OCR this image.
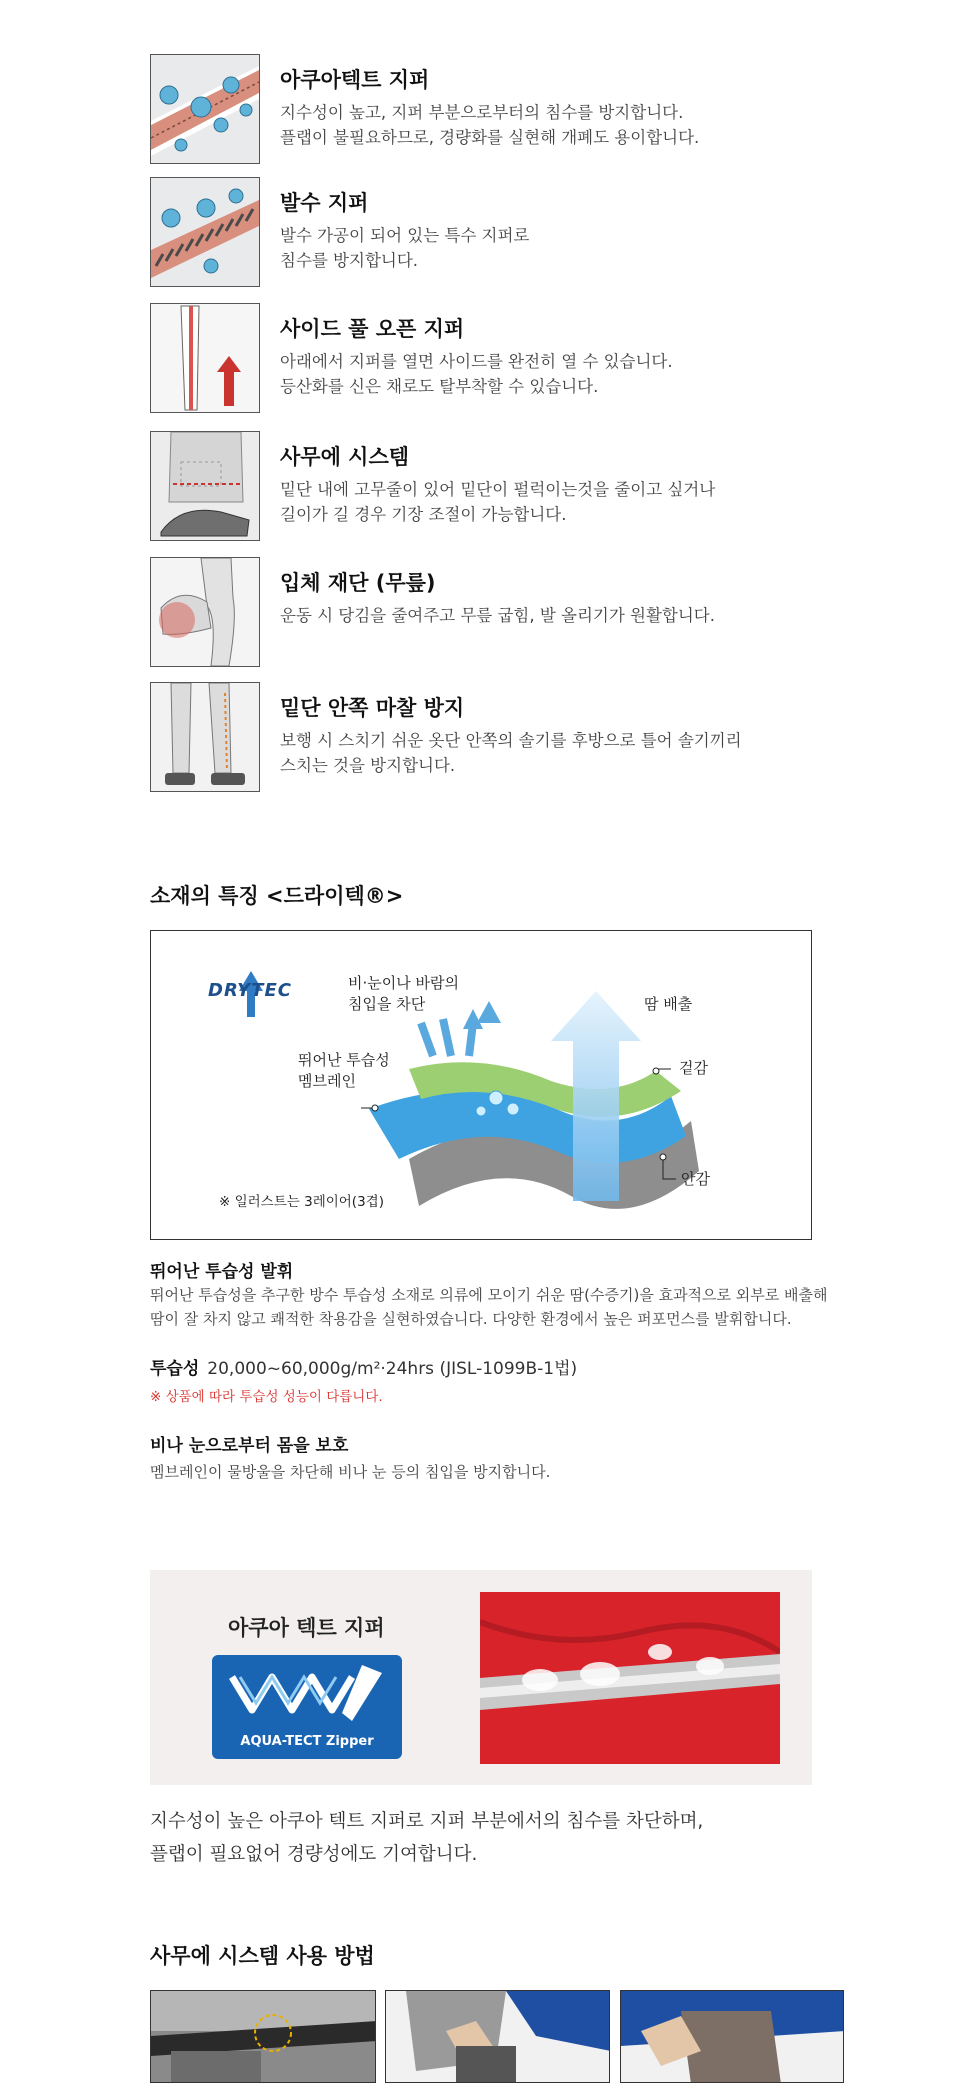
아쿠아텍트 지퍼
지수성이 높고, 지퍼 부분으로부터의 침수를 방지합니다.
플랩이 불필요하므로, 경량화를 실현해 개폐도 용이합니다.
발수 지퍼
발수 가공이 되어 있는 특수 지퍼로
침수를 방지합니다.
사이드 풀 오픈 지퍼
아래에서 지퍼를 열면 사이드를 완전히 열 수 있습니다.
등산화를 신은 채로도 탈부착할 수 있습니다.
사무에 시스템
밑단 내에 고무줄이 있어 밑단이 펄럭이는것을 줄이고 싶거나
길이가 길 경우 기장 조절이 가능합니다.
입체 재단 (무릎)
운동 시 당김을 줄여주고 무릎 굽힘, 발 올리기가 원활합니다.
밑단 안쪽 마찰 방지
보행 시 스치기 쉬운 옷단 안쪽의 솔기를 후방으로 틀어 솔기끼리
스치는 것을 방지합니다.
소재의 특징 <드라이텍®>
DRYTEC	비·눈이나 바람의
침입을 차단	땀 배출
뛰어난 투습성
멤브레인
겉감
안감
※ 일러스트는 3레이어(3겹)
뛰어난 투습성 발휘
뛰어난 투습성을 추구한 방수 투습성 소재로 의류에 모이기 쉬운 땀(수증기)을 효과적으로 외부로 배출해
땀이 잘 차지 않고 쾌적한 착용감을 실현하였습니다. 다양한 환경에서 높은 퍼포먼스를 발휘합니다.
투습성 20,000~60,000g/m²·24hrs (JISL-1099B-1법)
※ 상품에 따라 투습성 성능이 다릅니다.
비나 눈으로부터 몸을 보호
멤브레인이 물방울을 차단해 비나 눈 등의 침입을 방지합니다.
아쿠아 텍트 지퍼
AQUA-TECT Zipper
지수성이 높은 아쿠아 텍트 지퍼로 지퍼 부분에서의 침수를 차단하며,
플랩이 필요없어 경량성에도 기여합니다.
사무에 시스템 사용 방법
